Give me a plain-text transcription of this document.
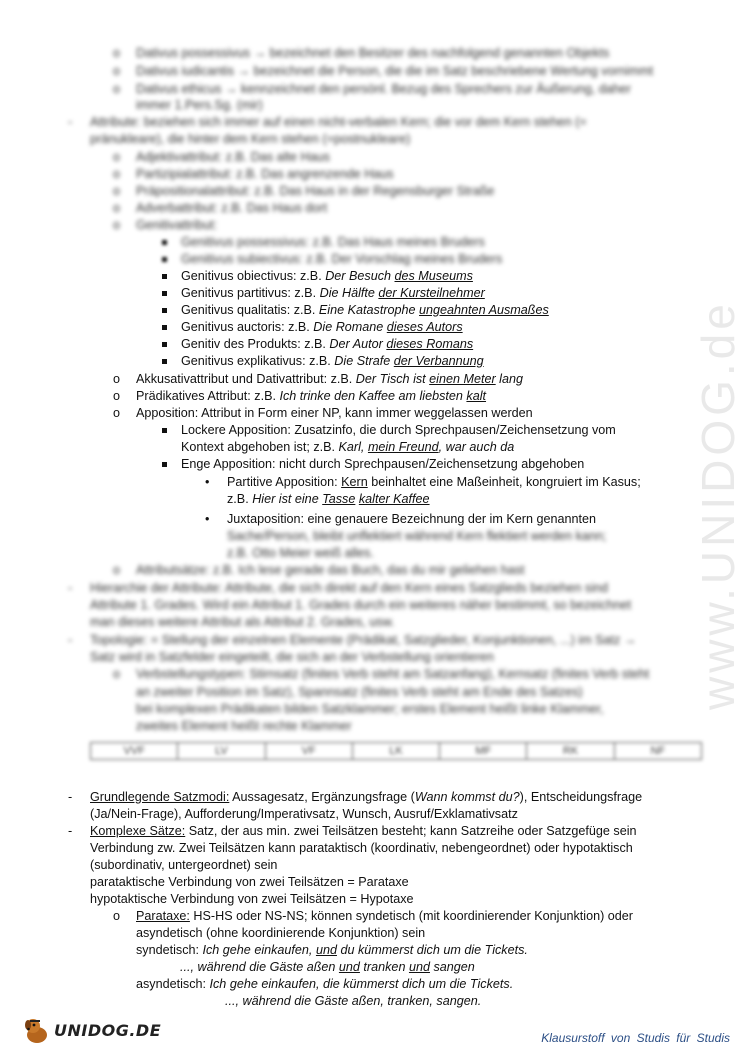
www.UNIDOG.de
o Dativus possessivus → bezeichnet den Besitzer des nachfolgend genannten Objekts
o Dativus iudicantis → bezeichnet die Person, die die im Satz beschriebene Wertung vornimmt
o Dativus ethicus → kennzeichnet den persönl. Bezug des Sprechers zur Äußerung, daher
immer 1.Pers.Sg. (mir)
- Attribute: beziehen sich immer auf einen nicht-verbalen Kern; die vor dem Kern stehen (=
pränukleare), die hinter dem Kern stehen (=postnukleare)
o Adjektivattribut: z.B. Das alte Haus
o Partizipialattribut: z.B. Das angrenzende Haus
o Präpositionalattribut: z.B. Das Haus in der Regensburger Straße
o Adverbattribut: z.B. Das Haus dort
o Genitivattribut:
Genitivus possessivus: z.B. Das Haus meines Bruders
Genitivus subiectivus: z.B. Der Vorschlag meines Bruders
Genitivus obiectivus: z.B. Der Besuch des Museums
Genitivus partitivus: z.B. Die Hälfte der Kursteilnehmer
Genitivus qualitatis: z.B. Eine Katastrophe ungeahnten Ausmaßes
Genitivus auctoris: z.B. Die Romane dieses Autors
Genitiv des Produkts: z.B. Der Autor dieses Romans
Genitivus explikativus: z.B. Die Strafe der Verbannung
o Akkusativattribut und Dativattribut: z.B. Der Tisch ist einen Meter lang
o Prädikatives Attribut: z.B. Ich trinke den Kaffee am liebsten kalt
o Apposition: Attribut in Form einer NP, kann immer weggelassen werden
Lockere Apposition: Zusatzinfo, die durch Sprechpausen/Zeichensetzung vom
Kontext abgehoben ist; z.B. Karl, mein Freund, war auch da
Enge Apposition: nicht durch Sprechpausen/Zeichensetzung abgehoben
• Partitive Apposition: Kern beinhaltet eine Maßeinheit, kongruiert im Kasus;
z.B. Hier ist eine Tasse kalter Kaffee
• Juxtaposition: eine genauere Bezeichnung der im Kern genannten
Sache/Person, bleibt unflektiert während Kern flektiert werden kann;
z.B. Otto Meier weiß alles.
o Attributsätze: z.B. Ich lese gerade das Buch, das du mir geliehen hast
- Hierarchie der Attribute: Attribute, die sich direkt auf den Kern eines Satzglieds beziehen sind
Attribute 1. Grades. Wird ein Attribut 1. Grades durch ein weiteres näher bestimmt, so bezeichnet
man dieses weitere Attribut als Attribut 2. Grades, usw.
- Topologie: = Stellung der einzelnen Elemente (Prädikat, Satzglieder, Konjunktionen, ...) im Satz →
Satz wird in Satzfelder eingeteilt, die sich an der Verbstellung orientieren
o Verbstellungstypen: Stirnsatz (finites Verb steht am Satzanfang), Kernsatz (finites Verb steht
an zweiter Position im Satz), Spannsatz (finites Verb steht am Ende des Satzes)
bei komplexen Prädikaten bilden Satzklammer; erstes Element heißt linke Klammer,
zweites Element heißt rechte Klammer
VVF	LV	VF	LK	MF	RK	NF
- Grundlegende Satzmodi: Aussagesatz, Ergänzungsfrage (Wann kommst du?), Entscheidungsfrage
(Ja/Nein-Frage), Aufforderung/Imperativsatz, Wunsch, Ausruf/Exklamativsatz
- Komplexe Sätze: Satz, der aus min. zwei Teilsätzen besteht; kann Satzreihe oder Satzgefüge sein
Verbindung zw. Zwei Teilsätzen kann parataktisch (koordinativ, nebengeordnet) oder hypotaktisch
(subordinativ, untergeordnet) sein
parataktische Verbindung von zwei Teilsätzen = Parataxe
hypotaktische Verbindung von zwei Teilsätzen = Hypotaxe
o Parataxe: HS-HS oder NS-NS; können syndetisch (mit koordinierender Konjunktion) oder
asyndetisch (ohne koordinierende Konjunktion) sein
syndetisch: Ich gehe einkaufen, und du kümmerst dich um die Tickets.
..., während die Gäste aßen und tranken und sangen
asyndetisch: Ich gehe einkaufen, die kümmerst dich um die Tickets.
..., während die Gäste aßen, tranken, sangen.
UNIDOG.DE	Klausurstoff von Studis für Studis
